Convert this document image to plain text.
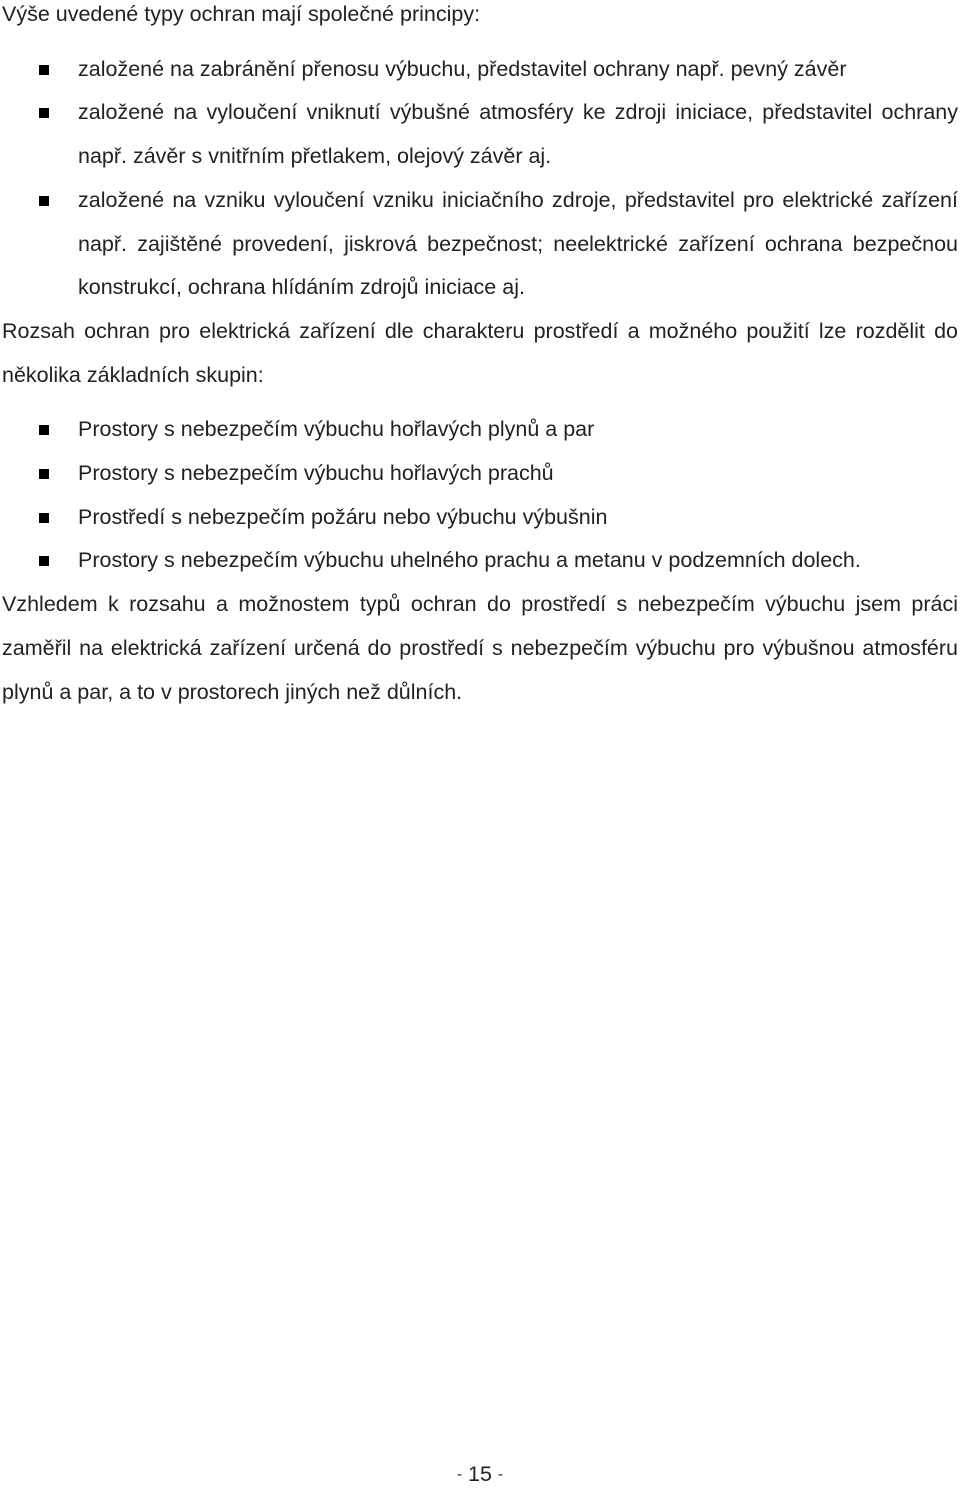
Výše uvedené typy ochran mají společné principy:

založené na zabránění přenosu výbuchu, představitel ochrany např. pevný závěr
založené na vyloučení vniknutí výbušné atmosféry ke zdroji iniciace, představitel ochrany např. závěr s vnitřním přetlakem, olejový závěr aj.
založené na vzniku vyloučení vzniku iniciačního zdroje, představitel pro elektrické zařízení např. zajištěné provedení, jiskrová bezpečnost; neelektrické zařízení ochrana bezpečnou konstrukcí, ochrana hlídáním zdrojů iniciace aj.

Rozsah ochran pro elektrická zařízení dle charakteru prostředí a možného použití lze rozdělit do několika základních skupin:

Prostory s nebezpečím výbuchu hořlavých plynů a par
Prostory s nebezpečím výbuchu hořlavých prachů
Prostředí s nebezpečím požáru nebo výbuchu výbušnin
Prostory s nebezpečím výbuchu uhelného prachu a metanu v podzemních dolech.

Vzhledem k rozsahu a možnostem typů ochran do prostředí s nebezpečím výbuchu jsem práci zaměřil na elektrická zařízení určená do prostředí s nebezpečím výbuchu pro výbušnou atmosféru plynů a par, a to v prostorech jiných než důlních.

- 15 -
